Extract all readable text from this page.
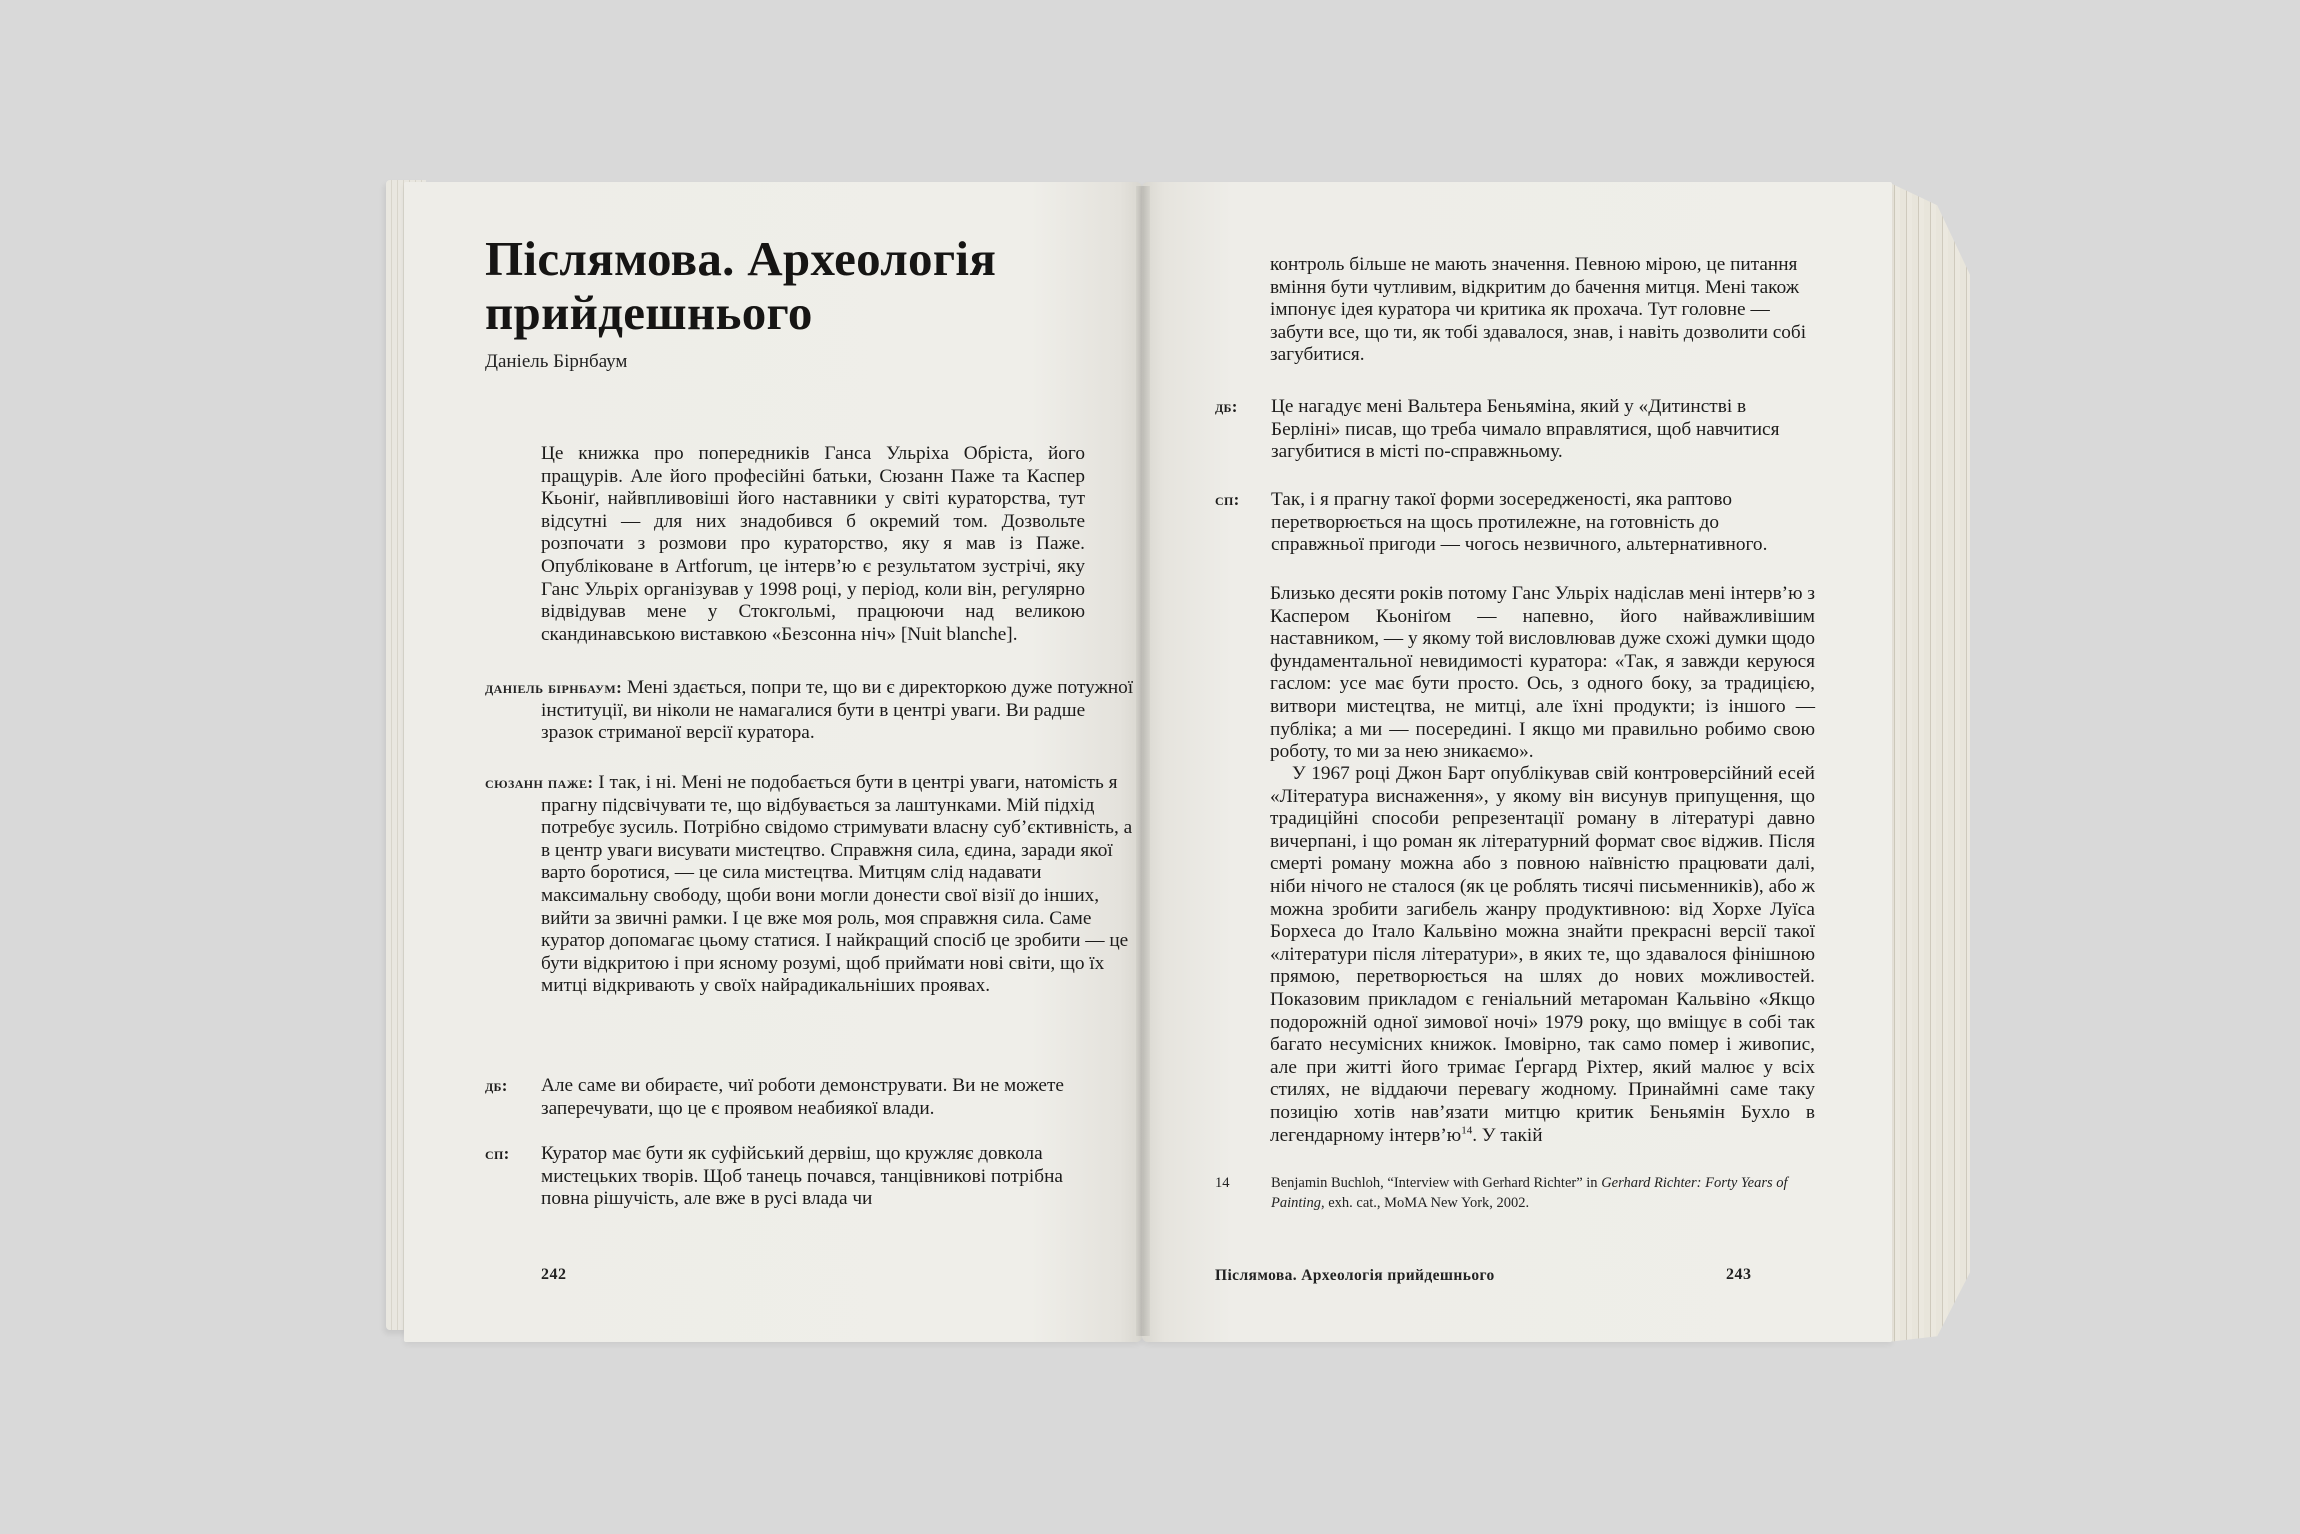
Післямова. Археологія прийдешнього
Даніель Бірнбаум

Це книжка про попередників Ганса Ульріха Обріста, його пращурів. Але його професійні батьки, Сюзанн Паже та Каспер Кьоніґ, найвпливовіші його наставники у світі кураторства, тут відсутні — для них знадобився б окремий том. Дозвольте розпочати з розмови про кураторство, яку я мав із Паже. Опубліковане в Artforum, це інтерв’ю є результатом зустрічі, яку Ганс Ульріх організував у 1998 році, у період, коли він, регулярно відвідував мене у Стокгольмі, працюючи над великою скандинавською виставкою «Безсонна ніч» [Nuit blanche].

даніель бірнбаум: Мені здається, попри те, що ви є директоркою дуже потужної інституції, ви ніколи не намагалися бути в центрі уваги. Ви радше зразок стриманої версії куратора.
сюзанн паже: І так, і ні. Мені не подобається бути в центрі уваги, натомість я прагну підсвічувати те, що відбувається за лаштунками. Мій підхід потребує зусиль. Потрібно свідомо стримувати власну суб’єктивність, а в центр уваги висувати мистецтво. Справжня сила, єдина, заради якої варто боротися, — це сила мистецтва. Митцям слід надавати максимальну свободу, щоби вони могли донести свої візії до інших, вийти за звичні рамки. І це вже моя роль, моя справжня сила. Саме куратор допомагає цьому статися. І найкращий спосіб це зробити — це бути відкритою і при ясному розумі, щоб приймати нові світи, що їх митці відкривають у своїх найрадикальніших проявах.
дб:	Але саме ви обираєте, чиї роботи демонструвати. Ви не можете заперечувати, що це є проявом неабиякої влади.
сп:	Куратор має бути як суфійський дервіш, що кружляє довкола мистецьких творів. Щоб танець почався, танцівникові потрібна повна рішучість, але вже в русі влада чи
242

контроль більше не мають значення. Певною мірою, це питання вміння бути чутливим, відкритим до бачення митця. Мені також імпонує ідея куратора чи критика як прохача. Тут головне — забути все, що ти, як тобі здавалося, знав, і навіть дозволити собі загубитися.

дб:	Це нагадує мені Вальтера Беньяміна, який у «Дитинстві в Берліні» писав, що треба чимало вправлятися, щоб навчитися загубитися в місті по-справжньому.
сп:	Так, і я прагну такої форми зосередженості, яка раптово перетворюється на щось протилежне, на готовність до справжньої пригоди — чогось незвичного, альтернативного.

Близько десяти років потому Ганс Ульріх надіслав мені інтерв’ю з Каспером Кьоніґом — напевно, його найважливішим наставником, — у якому той висловлював дуже схожі думки щодо фундаментальної невидимості куратора: «Так, я завжди керуюся гаслом: усе має бути просто. Ось, з одного боку, за традицією, витвори мистецтва, не митці, але їхні продукти; із іншого — публіка; а ми — посередині. І якщо ми правильно робимо свою роботу, то ми за нею зникаємо».

У 1967 році Джон Барт опублікував свій контроверсійний есей «Література виснаження», у якому він висунув припущення, що традиційні способи репрезентації роману в літературі давно вичерпані, і що роман як літературний формат своє віджив. Після смерті роману можна або з повною наївністю працювати далі, ніби нічого не сталося (як це роблять тисячі письменників), або ж можна зробити загибель жанру продуктивною: від Хорхе Луїса Борхеса до Італо Кальвіно можна знайти прекрасні версії такої «літератури після літератури», в яких те, що здавалося фінішною прямою, перетворюється на шлях до нових можливостей. Показовим прикладом є геніальний метароман Кальвіно «Якщо подорожній одної зимової ночі» 1979 року, що вміщує в собі так багато несумісних книжок. Імовірно, так само помер і живопис, але при житті його тримає Ґергард Ріхтер, який малює у всіх стилях, не віддаючи перевагу жодному. Принаймні саме таку позицію хотів нав’язати митцю критик Беньямін Бухло в легендарному $інтерв’ю^{14}$. У такій

14	Benjamin Buchloh, “Interview with Gerhard Richter” in Gerhard Richter: Forty Years of Painting, exh. cat., MoMA New York, 2002.
Післямова. Археологія прийдешнього	243
